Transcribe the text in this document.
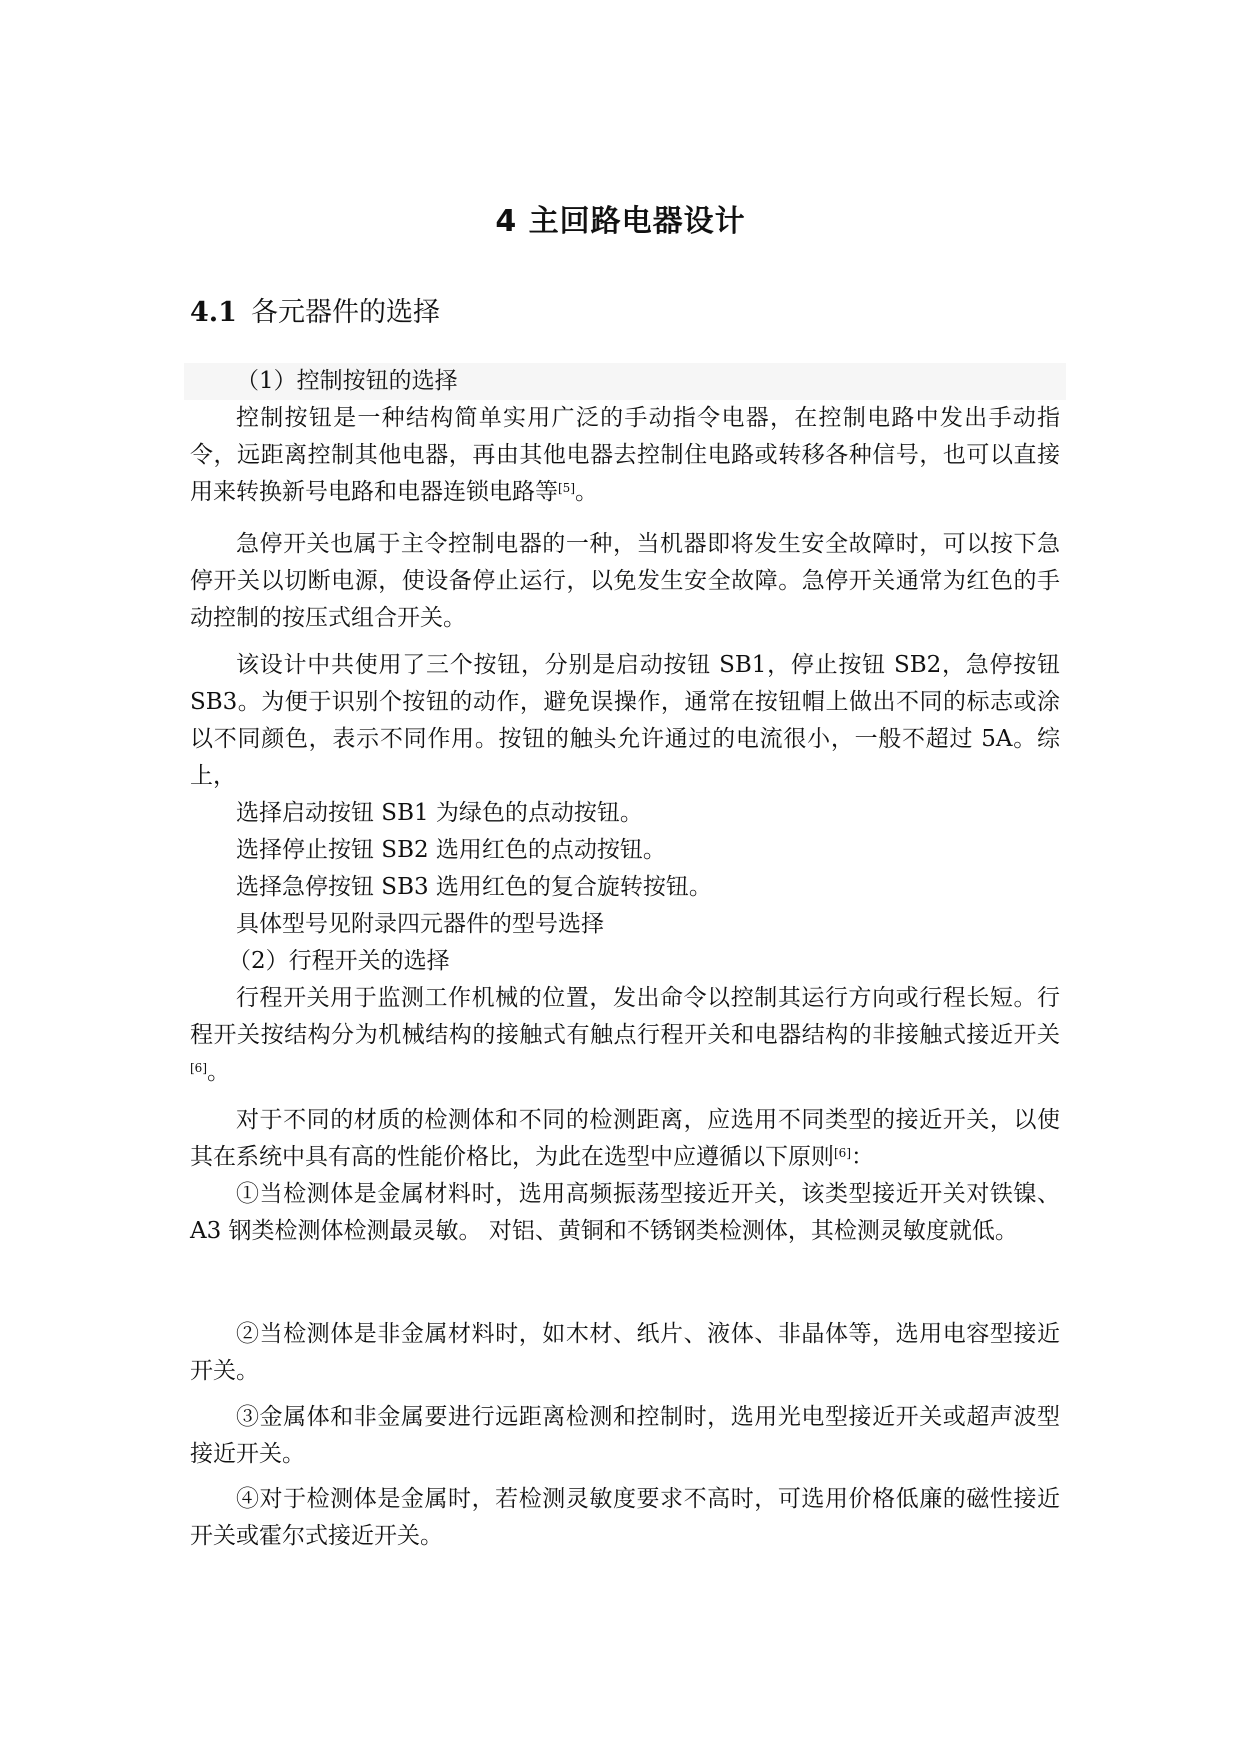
4 主回路电器设计
4.1 各元器件的选择

（1）控制按钮的选择

控制按钮是一种结构简单实用广泛的手动指令电器，在控制电路中发出手动指令，远距离控制其他电器，再由其他电器去控制住电路或转移各种信号，也可以直接用来转换新号电路和电器连锁电路等[5]。

急停开关也属于主令控制电器的一种，当机器即将发生安全故障时，可以按下急停开关以切断电源，使设备停止运行，以免发生安全故障。急停开关通常为红色的手动控制的按压式组合开关。

该设计中共使用了三个按钮，分别是启动按钮 SB1，停止按钮 SB2，急停按钮 SB3。为便于识别个按钮的动作，避免误操作，通常在按钮帽上做出不同的标志或涂以不同颜色，表示不同作用。按钮的触头允许通过的电流很小，一般不超过 5A。综上，

选择启动按钮 SB1 为绿色的点动按钮。

选择停止按钮 SB2 选用红色的点动按钮。

选择急停按钮 SB3 选用红色的复合旋转按钮。

具体型号见附录四元器件的型号选择

（2）行程开关的选择

行程开关用于监测工作机械的位置，发出命令以控制其运行方向或行程长短。行程开关按结构分为机械结构的接触式有触点行程开关和电器结构的非接触式接近开关[6]。

对于不同的材质的检测体和不同的检测距离，应选用不同类型的接近开关，以使其在系统中具有高的性能价格比，为此在选型中应遵循以下原则[6]：

①当检测体是金属材料时，选用高频振荡型接近开关，该类型接近开关对铁镍、A3 钢类检测体检测最灵敏。 对铝、黄铜和不锈钢类检测体，其检测灵敏度就低。

②当检测体是非金属材料时，如木材、纸片、液体、非晶体等，选用电容型接近开关。

③金属体和非金属要进行远距离检测和控制时，选用光电型接近开关或超声波型接近开关。

④对于检测体是金属时，若检测灵敏度要求不高时，可选用价格低廉的磁性接近开关或霍尔式接近开关。
